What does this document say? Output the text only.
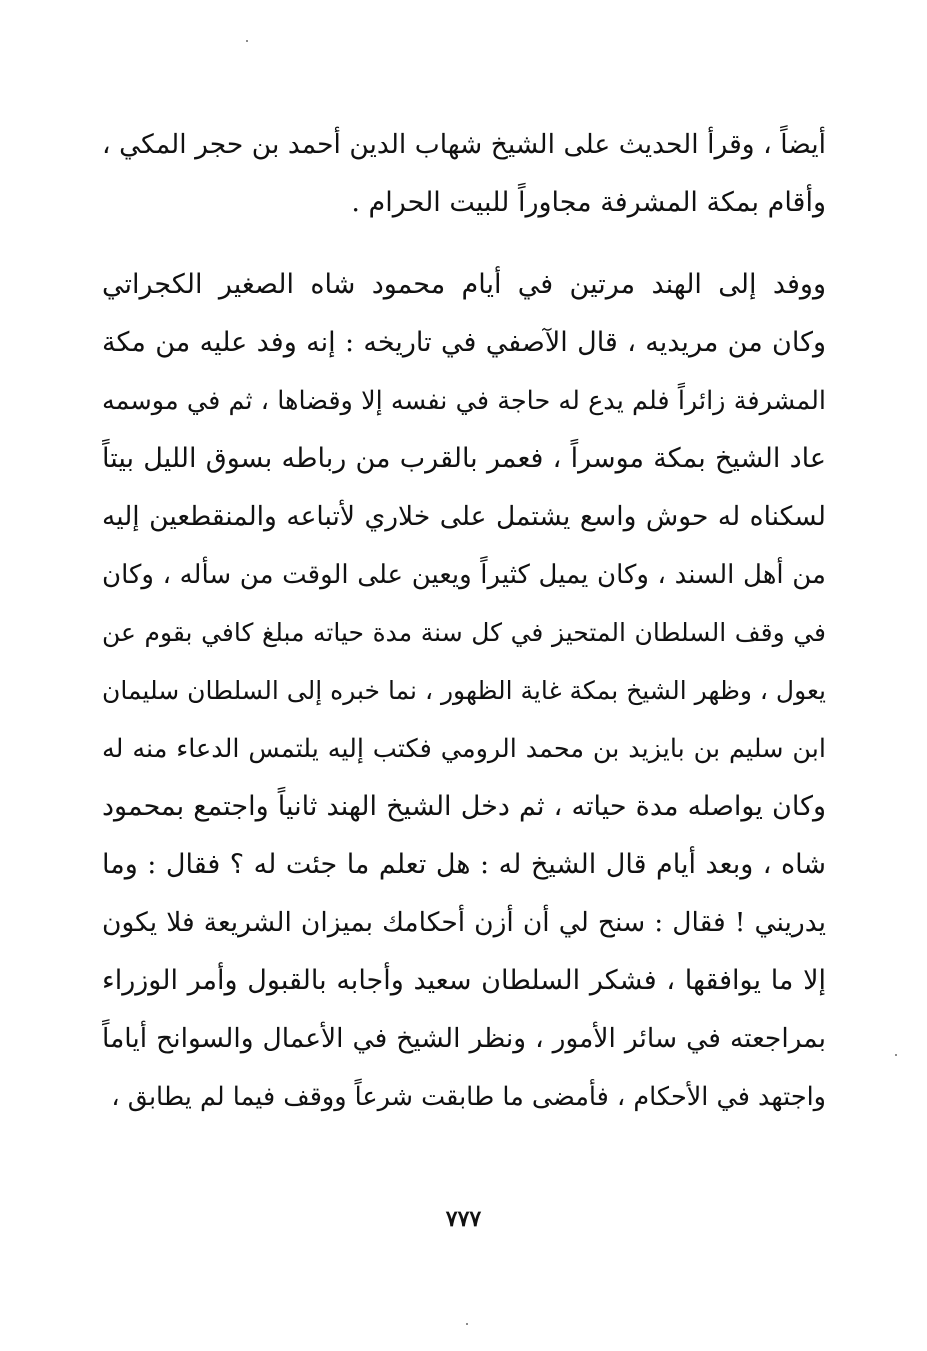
أيضاً ، وقرأ الحديث على الشيخ شهاب الدين أحمد بن حجر المكي ،
وأقام بمكة المشرفة مجاوراً للبيت الحرام .
ووفد إلى الهند مرتين في أيام محمود شاه الصغير الكجراتي
وكان من مريديه ، قال الآصفي في تاريخه : إنه وفد عليه من مكة
المشرفة زائراً فلم يدع له حاجة في نفسه إلا وقضاها ، ثم في موسمه
عاد الشيخ بمكة موسراً ، فعمر بالقرب من رباطه بسوق الليل بيتاً
لسكناه له حوش واسع يشتمل على خلاري لأتباعه والمنقطعين إليه
من أهل السند ، وكان يميل كثيراً ويعين على الوقت من سأله ، وكان
في وقف السلطان المتحيز في كل سنة مدة حياته مبلغ كافي بقوم عن
يعول ، وظهر الشيخ بمكة غاية الظهور ، نما خبره إلى السلطان سليمان
ابن سليم بن بايزيد بن محمد الرومي فكتب إليه يلتمس الدعاء منه له
وكان يواصله مدة حياته ، ثم دخل الشيخ الهند ثانياً واجتمع بمحمود
شاه ، وبعد أيام قال الشيخ له : هل تعلم ما جئت له ؟ فقال : وما
يدريني ! فقال : سنح لي أن أزن أحكامك بميزان الشريعة فلا يكون
إلا ما يوافقها ، فشكر السلطان سعيد وأجابه بالقبول وأمر الوزراء
بمراجعته في سائر الأمور ، ونظر الشيخ في الأعمال والسوانح أياماً
واجتهد في الأحكام ، فأمضى ما طابقت شرعاً ووقف فيما لم يطابق ،
٧٧٧
